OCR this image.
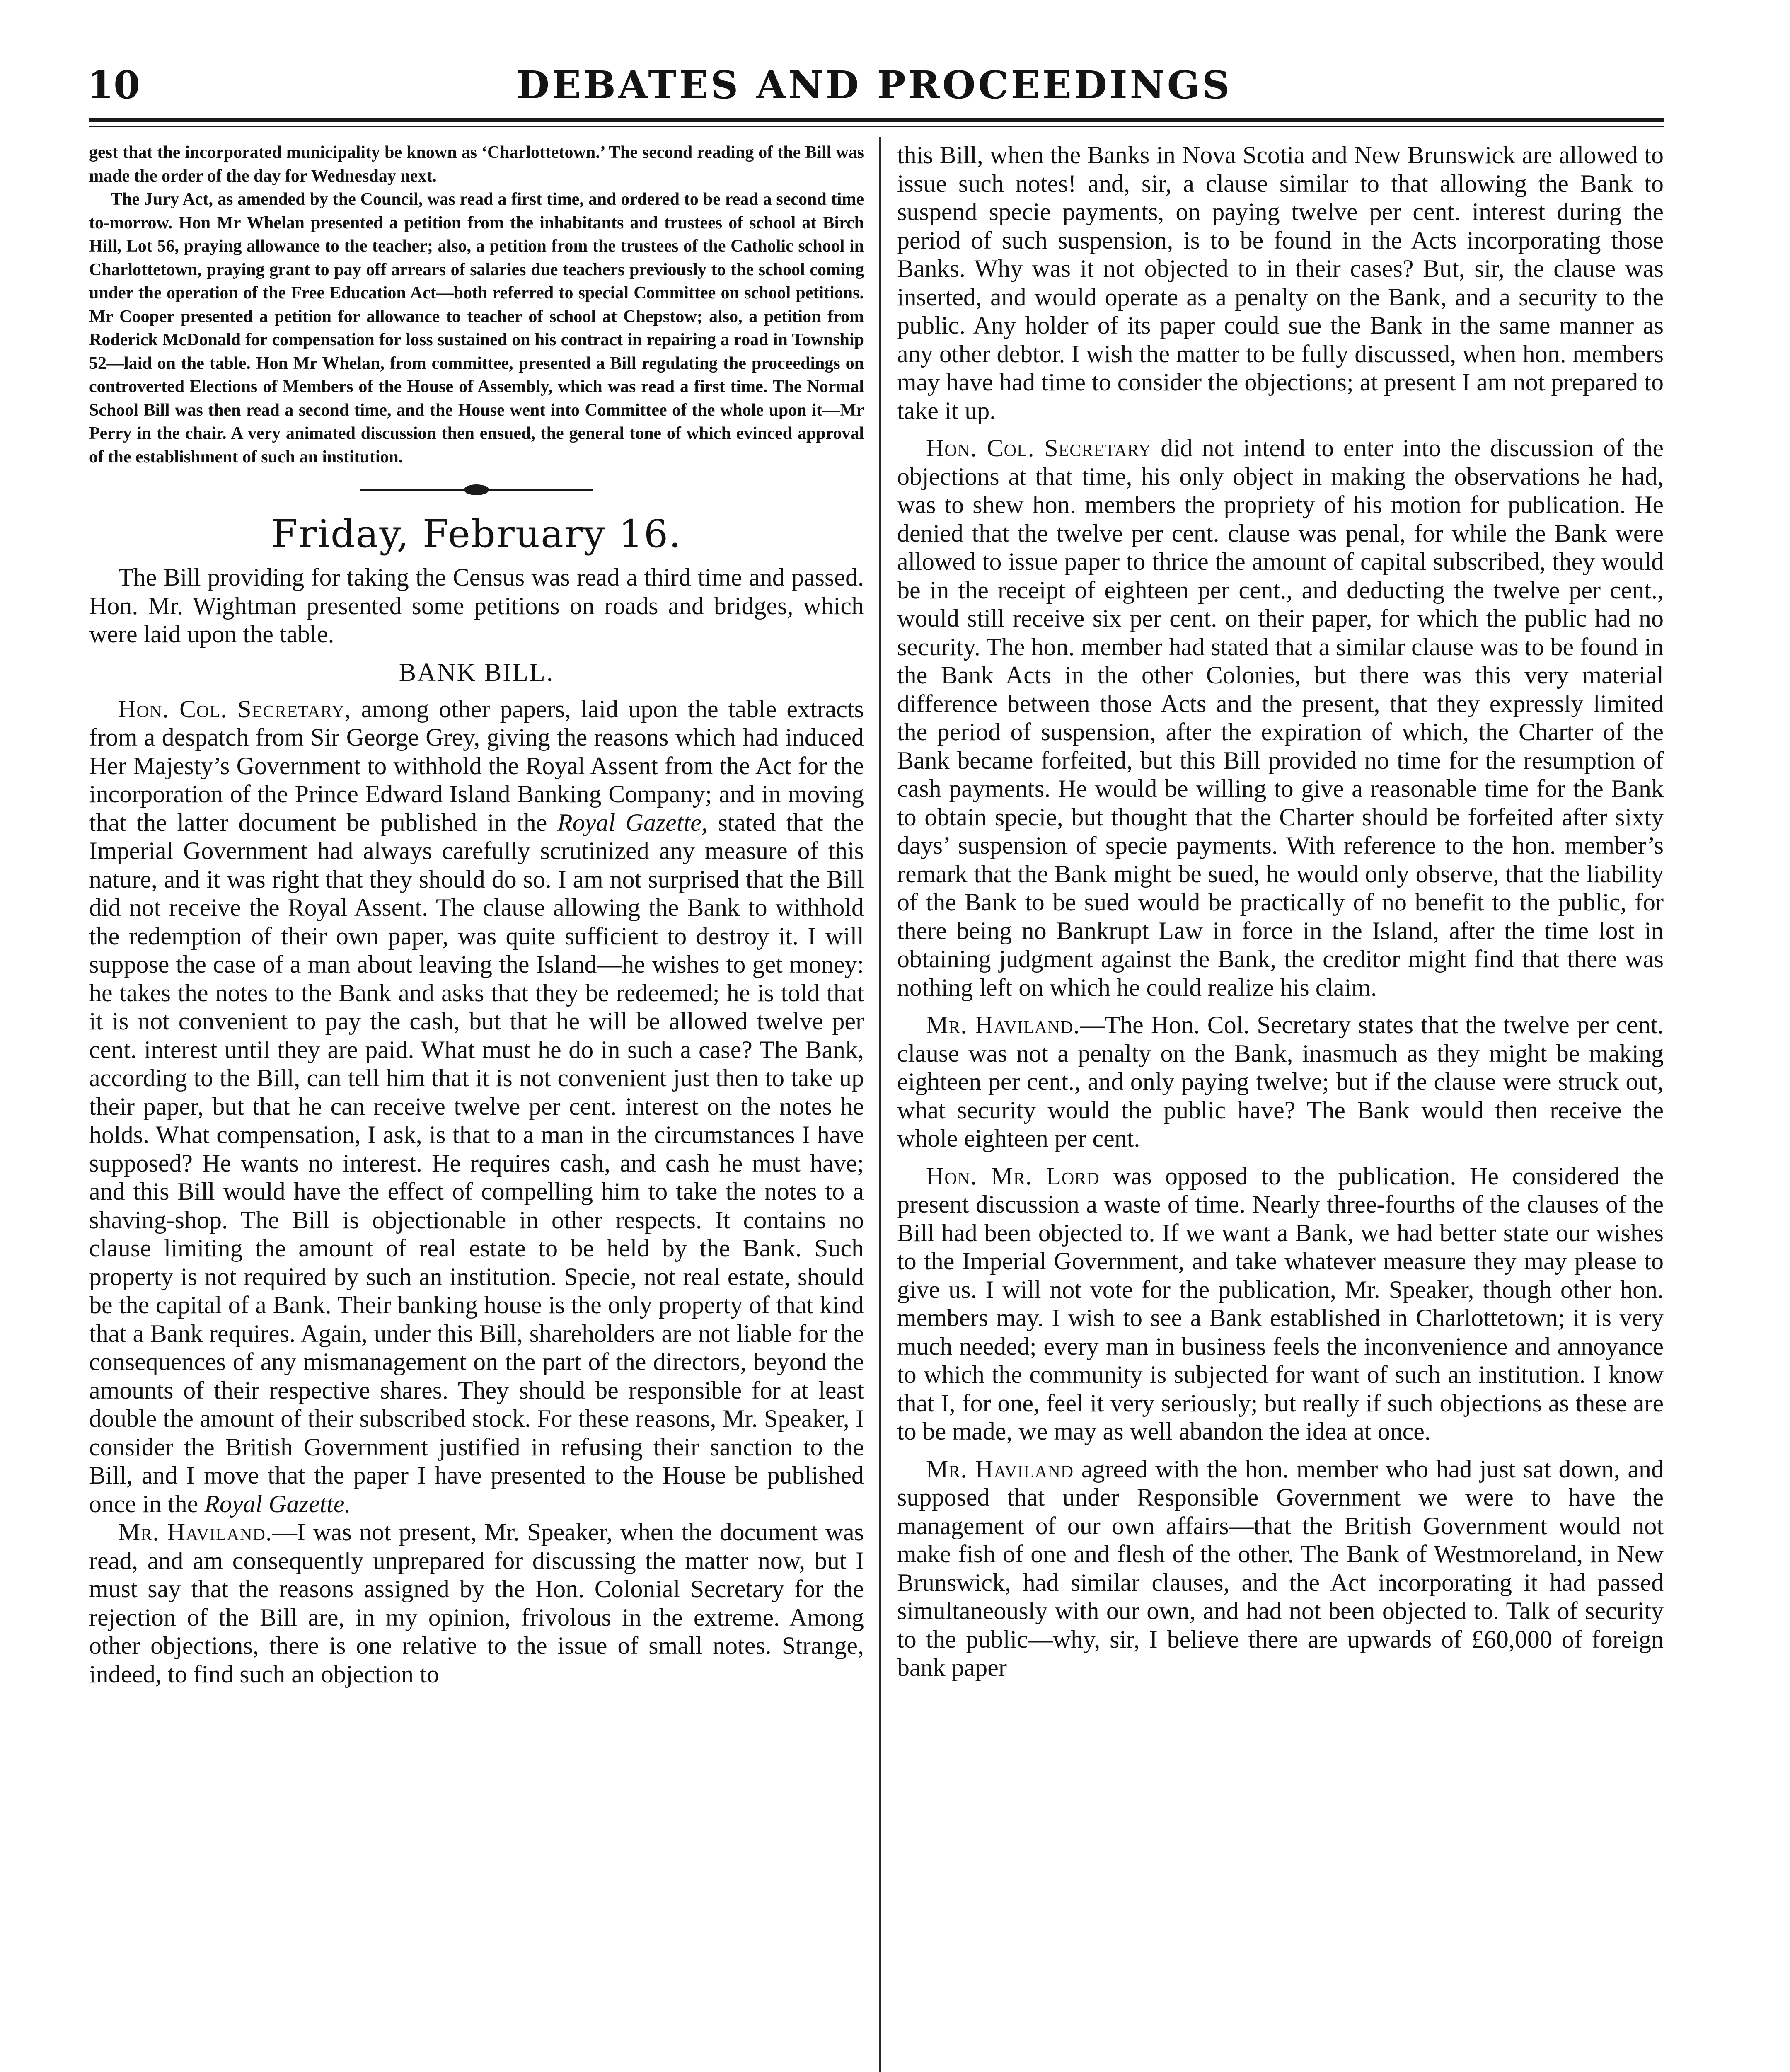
10	DEBATES AND PROCEEDINGS

gest that the incorporated municipality be known as ‘Charlottetown.’ The second reading of the Bill was made the order of the day for Wednesday next.

The Jury Act, as amended by the Council, was read a first time, and ordered to be read a second time to-morrow. Hon Mr Whelan presented a petition from the inhabitants and trustees of school at Birch Hill, Lot 56, praying allowance to the teacher; also, a petition from the trustees of the Catholic school in Charlottetown, praying grant to pay off arrears of salaries due teachers previously to the school coming under the operation of the Free Education Act—both referred to special Committee on school petitions. Mr Cooper presented a petition for allowance to teacher of school at Chepstow; also, a petition from Roderick McDonald for compensation for loss sustained on his contract in repairing a road in Township 52—laid on the table. Hon Mr Whelan, from committee, presented a Bill regulating the proceedings on controverted Elections of Members of the House of Assembly, which was read a first time. The Normal School Bill was then read a second time, and the House went into Committee of the whole upon it—Mr Perry in the chair. A very animated discussion then ensued, the general tone of which evinced approval of the establishment of such an institution.

Friday, February 16.

The Bill providing for taking the Census was read a third time and passed. Hon. Mr. Wightman presented some petitions on roads and bridges, which were laid upon the table.

BANK BILL.

Hon. Col. Secretary, among other papers, laid upon the table extracts from a despatch from Sir George Grey, giving the reasons which had induced Her Majesty’s Government to withhold the Royal Assent from the Act for the incorporation of the Prince Edward Island Banking Company; and in moving that the latter document be published in the Royal Gazette, stated that the Imperial Government had always carefully scrutinized any measure of this nature, and it was right that they should do so. I am not surprised that the Bill did not receive the Royal Assent. The clause allowing the Bank to withhold the redemption of their own paper, was quite sufficient to destroy it. I will suppose the case of a man about leaving the Island—he wishes to get money: he takes the notes to the Bank and asks that they be redeemed; he is told that it is not convenient to pay the cash, but that he will be allowed twelve per cent. interest until they are paid. What must he do in such a case? The Bank, according to the Bill, can tell him that it is not convenient just then to take up their paper, but that he can receive twelve per cent. interest on the notes he holds. What compensation, I ask, is that to a man in the circumstances I have supposed? He wants no interest. He requires cash, and cash he must have; and this Bill would have the effect of compelling him to take the notes to a shaving-shop. The Bill is objectionable in other respects. It contains no clause limiting the amount of real estate to be held by the Bank. Such property is not required by such an institution. Specie, not real estate, should be the capital of a Bank. Their banking house is the only property of that kind that a Bank requires. Again, under this Bill, shareholders are not liable for the consequences of any mismanagement on the part of the directors, beyond the amounts of their respective shares. They should be responsible for at least double the amount of their subscribed stock. For these reasons, Mr. Speaker, I consider the British Government justified in refusing their sanction to the Bill, and I move that the paper I have presented to the House be published once in the Royal Gazette.

Mr. Haviland.—I was not present, Mr. Speaker, when the document was read, and am consequently unprepared for discussing the matter now, but I must say that the reasons assigned by the Hon. Colonial Secretary for the rejection of the Bill are, in my opinion, frivolous in the extreme. Among other objections, there is one relative to the issue of small notes. Strange, indeed, to find such an objection to

this Bill, when the Banks in Nova Scotia and New Brunswick are allowed to issue such notes! and, sir, a clause similar to that allowing the Bank to suspend specie payments, on paying twelve per cent. interest during the period of such suspension, is to be found in the Acts incorporating those Banks. Why was it not objected to in their cases? But, sir, the clause was inserted, and would operate as a penalty on the Bank, and a security to the public. Any holder of its paper could sue the Bank in the same manner as any other debtor. I wish the matter to be fully discussed, when hon. members may have had time to consider the objections; at present I am not prepared to take it up.

Hon. Col. Secretary did not intend to enter into the discussion of the objections at that time, his only object in making the observations he had, was to shew hon. members the propriety of his motion for publication. He denied that the twelve per cent. clause was penal, for while the Bank were allowed to issue paper to thrice the amount of capital subscribed, they would be in the receipt of eighteen per cent., and deducting the twelve per cent., would still receive six per cent. on their paper, for which the public had no security. The hon. member had stated that a similar clause was to be found in the Bank Acts in the other Colonies, but there was this very material difference between those Acts and the present, that they expressly limited the period of suspension, after the expiration of which, the Charter of the Bank became forfeited, but this Bill provided no time for the resumption of cash payments. He would be willing to give a reasonable time for the Bank to obtain specie, but thought that the Charter should be forfeited after sixty days’ suspension of specie payments. With reference to the hon. member’s remark that the Bank might be sued, he would only observe, that the liability of the Bank to be sued would be practically of no benefit to the public, for there being no Bankrupt Law in force in the Island, after the time lost in obtaining judgment against the Bank, the creditor might find that there was nothing left on which he could realize his claim.

Mr. Haviland.—The Hon. Col. Secretary states that the twelve per cent. clause was not a penalty on the Bank, inasmuch as they might be making eighteen per cent., and only paying twelve; but if the clause were struck out, what security would the public have? The Bank would then receive the whole eighteen per cent.

Hon. Mr. Lord was opposed to the publication. He considered the present discussion a waste of time. Nearly three-fourths of the clauses of the Bill had been objected to. If we want a Bank, we had better state our wishes to the Imperial Government, and take whatever measure they may please to give us. I will not vote for the publication, Mr. Speaker, though other hon. members may. I wish to see a Bank established in Charlottetown; it is very much needed; every man in business feels the inconvenience and annoyance to which the community is subjected for want of such an institution. I know that I, for one, feel it very seriously; but really if such objections as these are to be made, we may as well abandon the idea at once.

Mr. Haviland agreed with the hon. member who had just sat down, and supposed that under Responsible Government we were to have the management of our own affairs—that the British Government would not make fish of one and flesh of the other. The Bank of Westmoreland, in New Brunswick, had similar clauses, and the Act incorporating it had passed simultaneously with our own, and had not been objected to. Talk of security to the public—why, sir, I believe there are upwards of £60,000 of foreign bank paper
